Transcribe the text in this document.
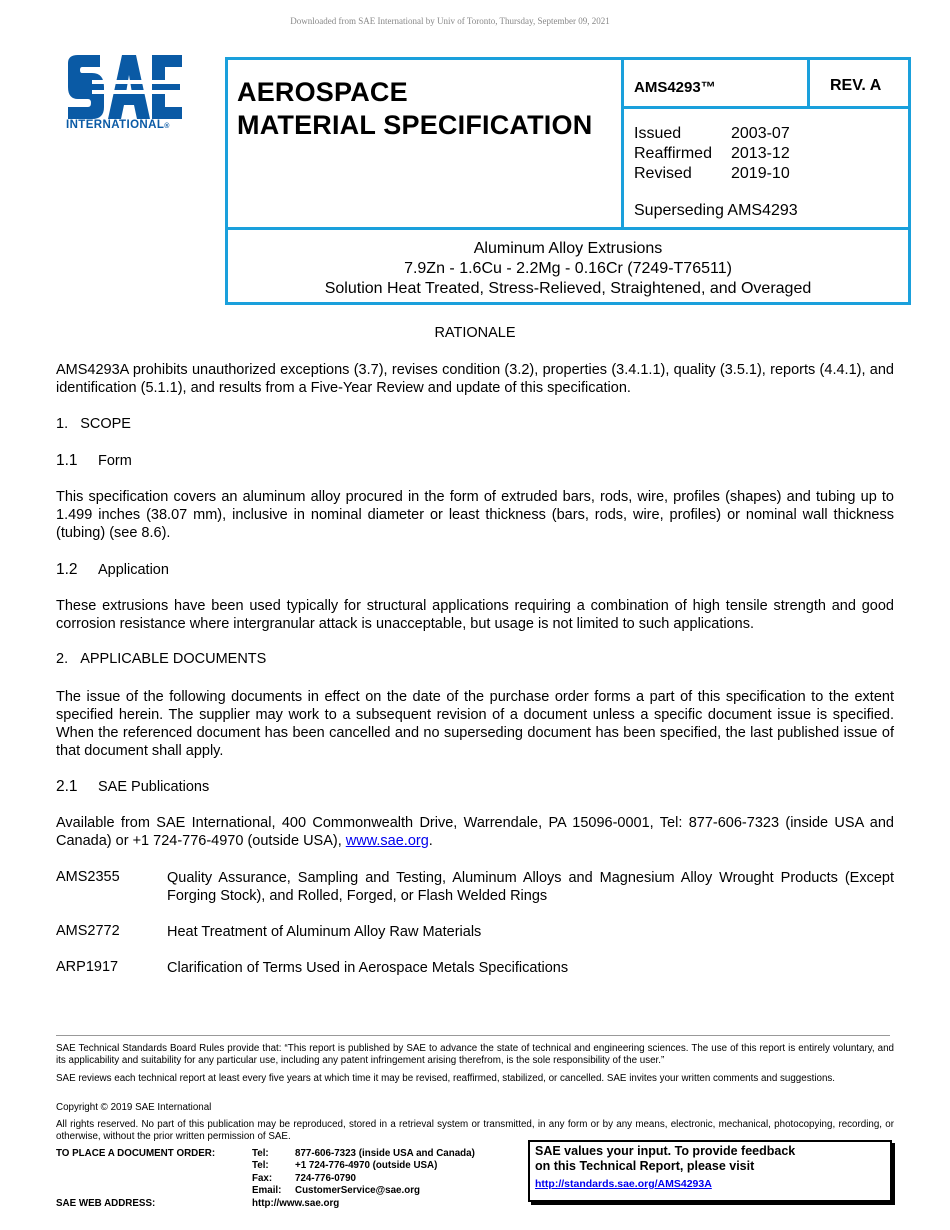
Downloaded from SAE International by Univ of Toronto, Thursday, September 09, 2021
INTERNATIONAL®
AEROSPACE
MATERIAL SPECIFICATION
AMS4293™	REV. A
Issued	2003-07
Reaffirmed 2013-12
Revised 2019-10
Superseding AMS4293
Aluminum Alloy Extrusions
7.9Zn - 1.6Cu - 2.2Mg - 0.16Cr (7249-T76511)
Solution Heat Treated, Stress-Relieved, Straightened, and Overaged
RATIONALE
AMS4293A prohibits unauthorized exceptions (3.7), revises condition (3.2), properties (3.4.1.1), quality (3.5.1), reports (4.4.1), and identification (5.1.1), and results from a Five-Year Review and update of this specification.
1. SCOPE
1.1 Form
This specification covers an aluminum alloy procured in the form of extruded bars, rods, wire, profiles (shapes) and tubing up to 1.499 inches (38.07 mm), inclusive in nominal diameter or least thickness (bars, rods, wire, profiles) or nominal wall thickness (tubing) (see 8.6).
1.2 Application
These extrusions have been used typically for structural applications requiring a combination of high tensile strength and good corrosion resistance where intergranular attack is unacceptable, but usage is not limited to such applications.
2. APPLICABLE DOCUMENTS
The issue of the following documents in effect on the date of the purchase order forms a part of this specification to the extent specified herein. The supplier may work to a subsequent revision of a document unless a specific document issue is specified. When the referenced document has been cancelled and no superseding document has been specified, the last published issue of that document shall apply.
2.1 SAE Publications
Available from SAE International, 400 Commonwealth Drive, Warrendale, PA 15096-0001, Tel: 877-606-7323 (inside USA and Canada) or +1 724-776-4970 (outside USA), www.sae.org.
AMS2355	Quality Assurance, Sampling and Testing, Aluminum Alloys and Magnesium Alloy Wrought Products (Except Forging Stock), and Rolled, Forged, or Flash Welded Rings
AMS2772	Heat Treatment of Aluminum Alloy Raw Materials
ARP1917	Clarification of Terms Used in Aerospace Metals Specifications
SAE Technical Standards Board Rules provide that: “This report is published by SAE to advance the state of technical and engineering sciences. The use of this report is entirely voluntary, and its applicability and suitability for any particular use, including any patent infringement arising therefrom, is the sole responsibility of the user.”
SAE reviews each technical report at least every five years at which time it may be revised, reaffirmed, stabilized, or cancelled. SAE invites your written comments and suggestions.
Copyright © 2019 SAE International
All rights reserved. No part of this publication may be reproduced, stored in a retrieval system or transmitted, in any form or by any means, electronic, mechanical, photocopying, recording, or otherwise, without the prior written permission of SAE.
TO PLACE A DOCUMENT ORDER:	Tel:	877-606-7323 (inside USA and Canada)
Tel:	+1 724-776-4970 (outside USA)
Fax: 724-776-0790
Email: CustomerService@sae.org
SAE WEB ADDRESS:	http://www.sae.org
SAE values your input. To provide feedback
on this Technical Report, please visit
http://standards.sae.org/AMS4293A
